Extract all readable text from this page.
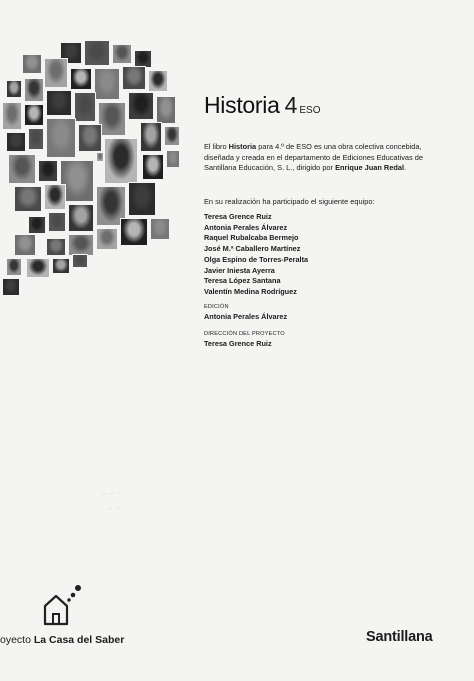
Historia 4 ESO
El libro Historia para 4.º de ESO es una obra colectiva concebida, diseñada y creada en el departamento de Ediciones Educativas de Santillana Educación, S. L., dirigido por Enrique Juan Redal.
En su realización ha participado el siguiente equipo:
Teresa Grence Ruiz
Antonia Perales Álvarez
Raquel Rubalcaba Bermejo
José M.ª Caballero Martínez
Olga Espino de Torres-Peralta
Javier Iniesta Ayerra
Teresa López Santana
Valentín Medina Rodríguez
EDICIÓN
Antonia Perales Álvarez
DIRECCIÓN DEL PROYECTO
Teresa Grence Ruiz
~ ~ ~
~ ~
oyecto La Casa del Saber	Santillana
